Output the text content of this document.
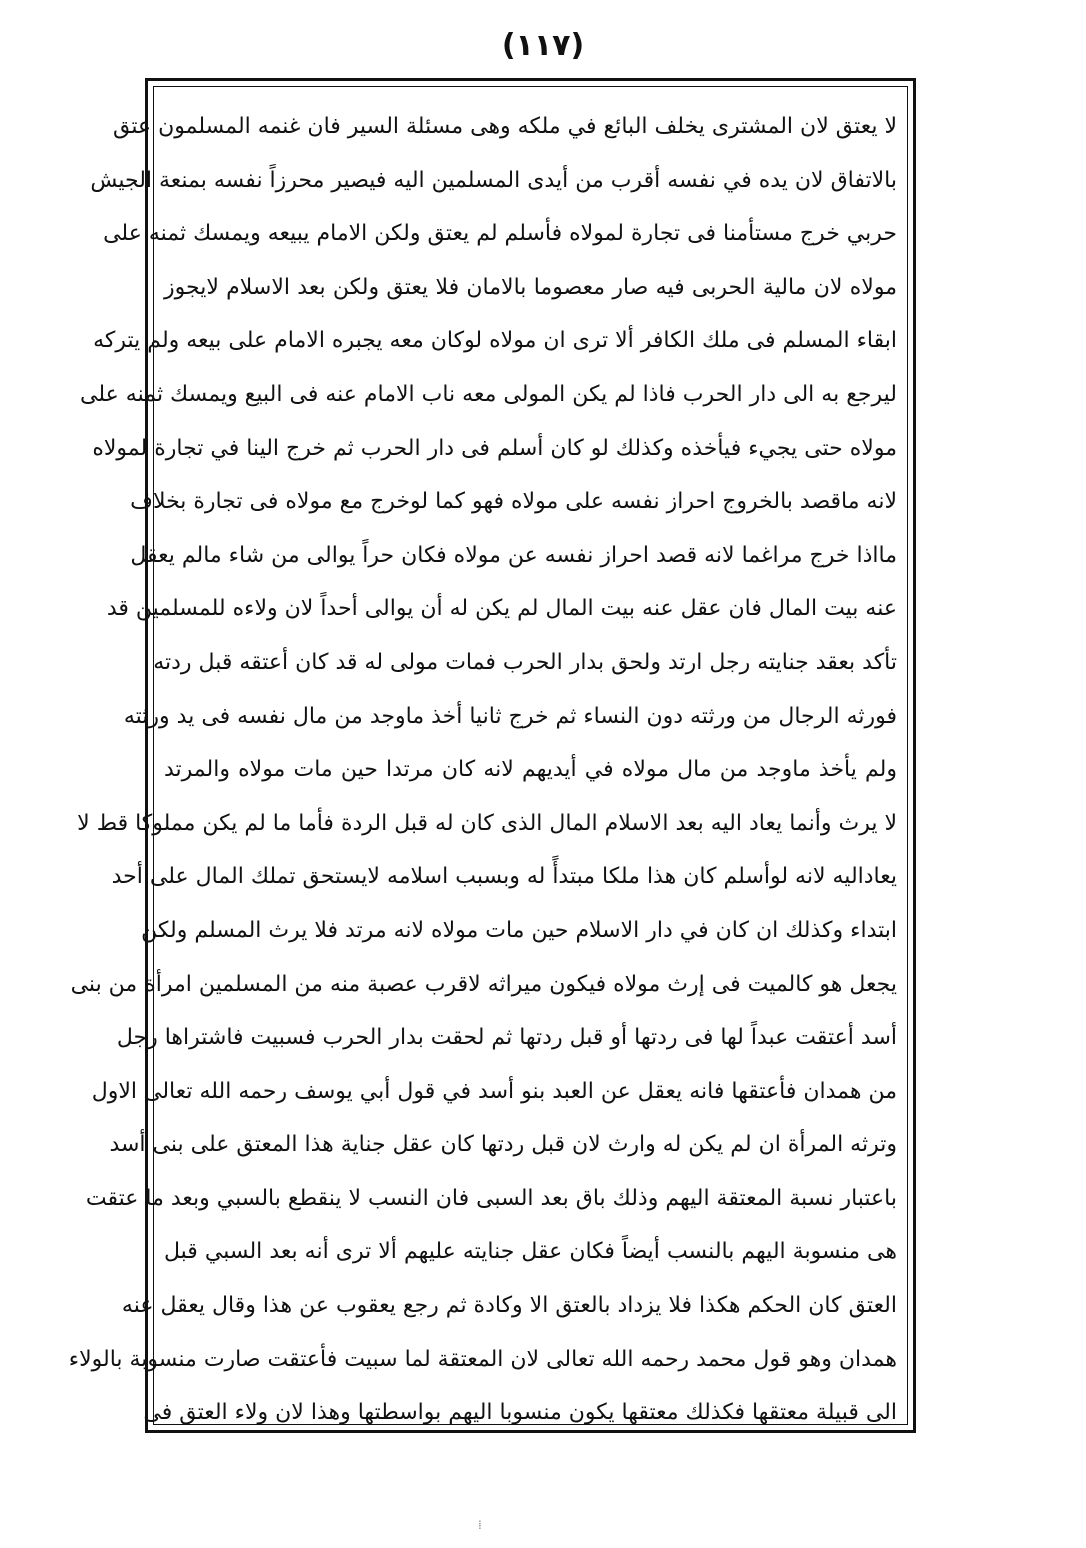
(١١٧)
لا يعتق لان المشترى يخلف البائع في ملكه وهى مسئلة السير فان غنمه المسلمون عتق
بالاتفاق لان يده في نفسه أقرب من أيدى المسلمين اليه فيصير محرزاً نفسه بمنعة الجيش
حربي خرج مستأمنا فى تجارة لمولاه فأسلم لم يعتق ولكن الامام يبيعه ويمسك ثمنه على
مولاه لان مالية الحربى فيه صار معصوما بالامان فلا يعتق ولكن بعد الاسلام لايجوز
ابقاء المسلم فى ملك الكافر ألا ترى ان مولاه لوكان معه يجبره الامام على بيعه ولم يتركه
ليرجع به الى دار الحرب فاذا لم يكن المولى معه ناب الامام عنه فى البيع ويمسك ثمنه على
مولاه حتى يجيء فيأخذه وكذلك لو كان أسلم فى دار الحرب ثم خرج الينا في تجارة لمولاه
لانه ماقصد بالخروج احراز نفسه على مولاه فهو كما لوخرج مع مولاه فى تجارة بخلاف
مااذا خرج مراغما لانه قصد احراز نفسه عن مولاه فكان حراً يوالى من شاء مالم يعقل
عنه بيت المال فان عقل عنه بيت المال لم يكن له أن يوالى أحداً لان ولاءه للمسلمين قد
تأكد بعقد جنايته رجل ارتد ولحق بدار الحرب فمات مولى له قد كان أعتقه قبل ردته
فورثه الرجال من ورثته دون النساء ثم خرج ثانيا أخذ ماوجد من مال نفسه فى يد ورثته
ولم يأخذ ماوجد من مال مولاه في أيديهم لانه كان مرتدا حين مات مولاه والمرتد
لا يرث وأنما يعاد اليه بعد الاسلام المال الذى كان له قبل الردة فأما ما لم يكن مملوكا قط لا
يعاداليه لانه لوأسلم كان هذا ملكا مبتدأً له وبسبب اسلامه لايستحق تملك المال على أحد
ابتداء وكذلك ان كان في دار الاسلام حين مات مولاه لانه مرتد فلا يرث المسلم ولكن
يجعل هو كالميت فى إرث مولاه فيكون ميراثه لاقرب عصبة منه من المسلمين امرأة من بنى
أسد أعتقت عبداً لها فى ردتها أو قبل ردتها ثم لحقت بدار الحرب فسبيت فاشتراها رجل
من همدان فأعتقها فانه يعقل عن العبد بنو أسد في قول أبي يوسف رحمه الله تعالى الاول
وترثه المرأة ان لم يكن له وارث لان قبل ردتها كان عقل جناية هذا المعتق على بنى أسد
باعتبار نسبة المعتقة اليهم وذلك باق بعد السبى فان النسب لا ينقطع بالسبي وبعد ما عتقت
هى منسوبة اليهم بالنسب أيضاً فكان عقل جنايته عليهم ألا ترى أنه بعد السبي قبل
العتق كان الحكم هكذا فلا يزداد بالعتق الا وكادة ثم رجع يعقوب عن هذا وقال يعقل عنه
همدان وهو قول محمد رحمه الله تعالى لان المعتقة لما سبيت فأعتقت صارت منسوبة بالولاء
الى قبيلة معتقها فكذلك معتقها يكون منسوبا اليهم بواسطتها وهذا لان ولاء العتق فى
⁞
